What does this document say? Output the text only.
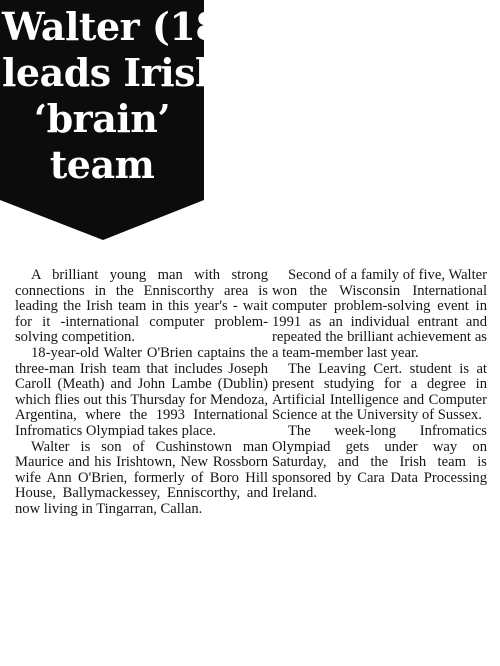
Walter (18)
leads Irish
‘brain’
team

A brilliant young man with strong connections in the Enniscorthy area is leading the Irish team in this year's - wait for it -international computer problem-solving competition.

18-year-old Walter O'Brien captains the three-man Irish team that includes Joseph Caroll (Meath) and John Lambe (Dublin) which flies out this Thursday for Mendoza, Argentina, where the 1993 International Infromatics Olympiad takes place.

Walter is son of Cushinstown man Maurice and his Irishtown, New Rossborn wife Ann O'Brien, formerly of Boro Hill House, Ballymackessey, Enniscorthy, and now living in Tingarran, Callan.

Second of a family of five, Walter won the Wisconsin International computer problem-solving event in 1991 as an individual entrant and repeated the brilliant achievement as a team-member last year.

The Leaving Cert. student is at present studying for a degree in Artificial Intelligence and Computer Science at the University of Sussex.

The week-long Infromatics Olympiad gets under way on Saturday, and the Irish team is sponsored by Cara Data Processing Ireland.
